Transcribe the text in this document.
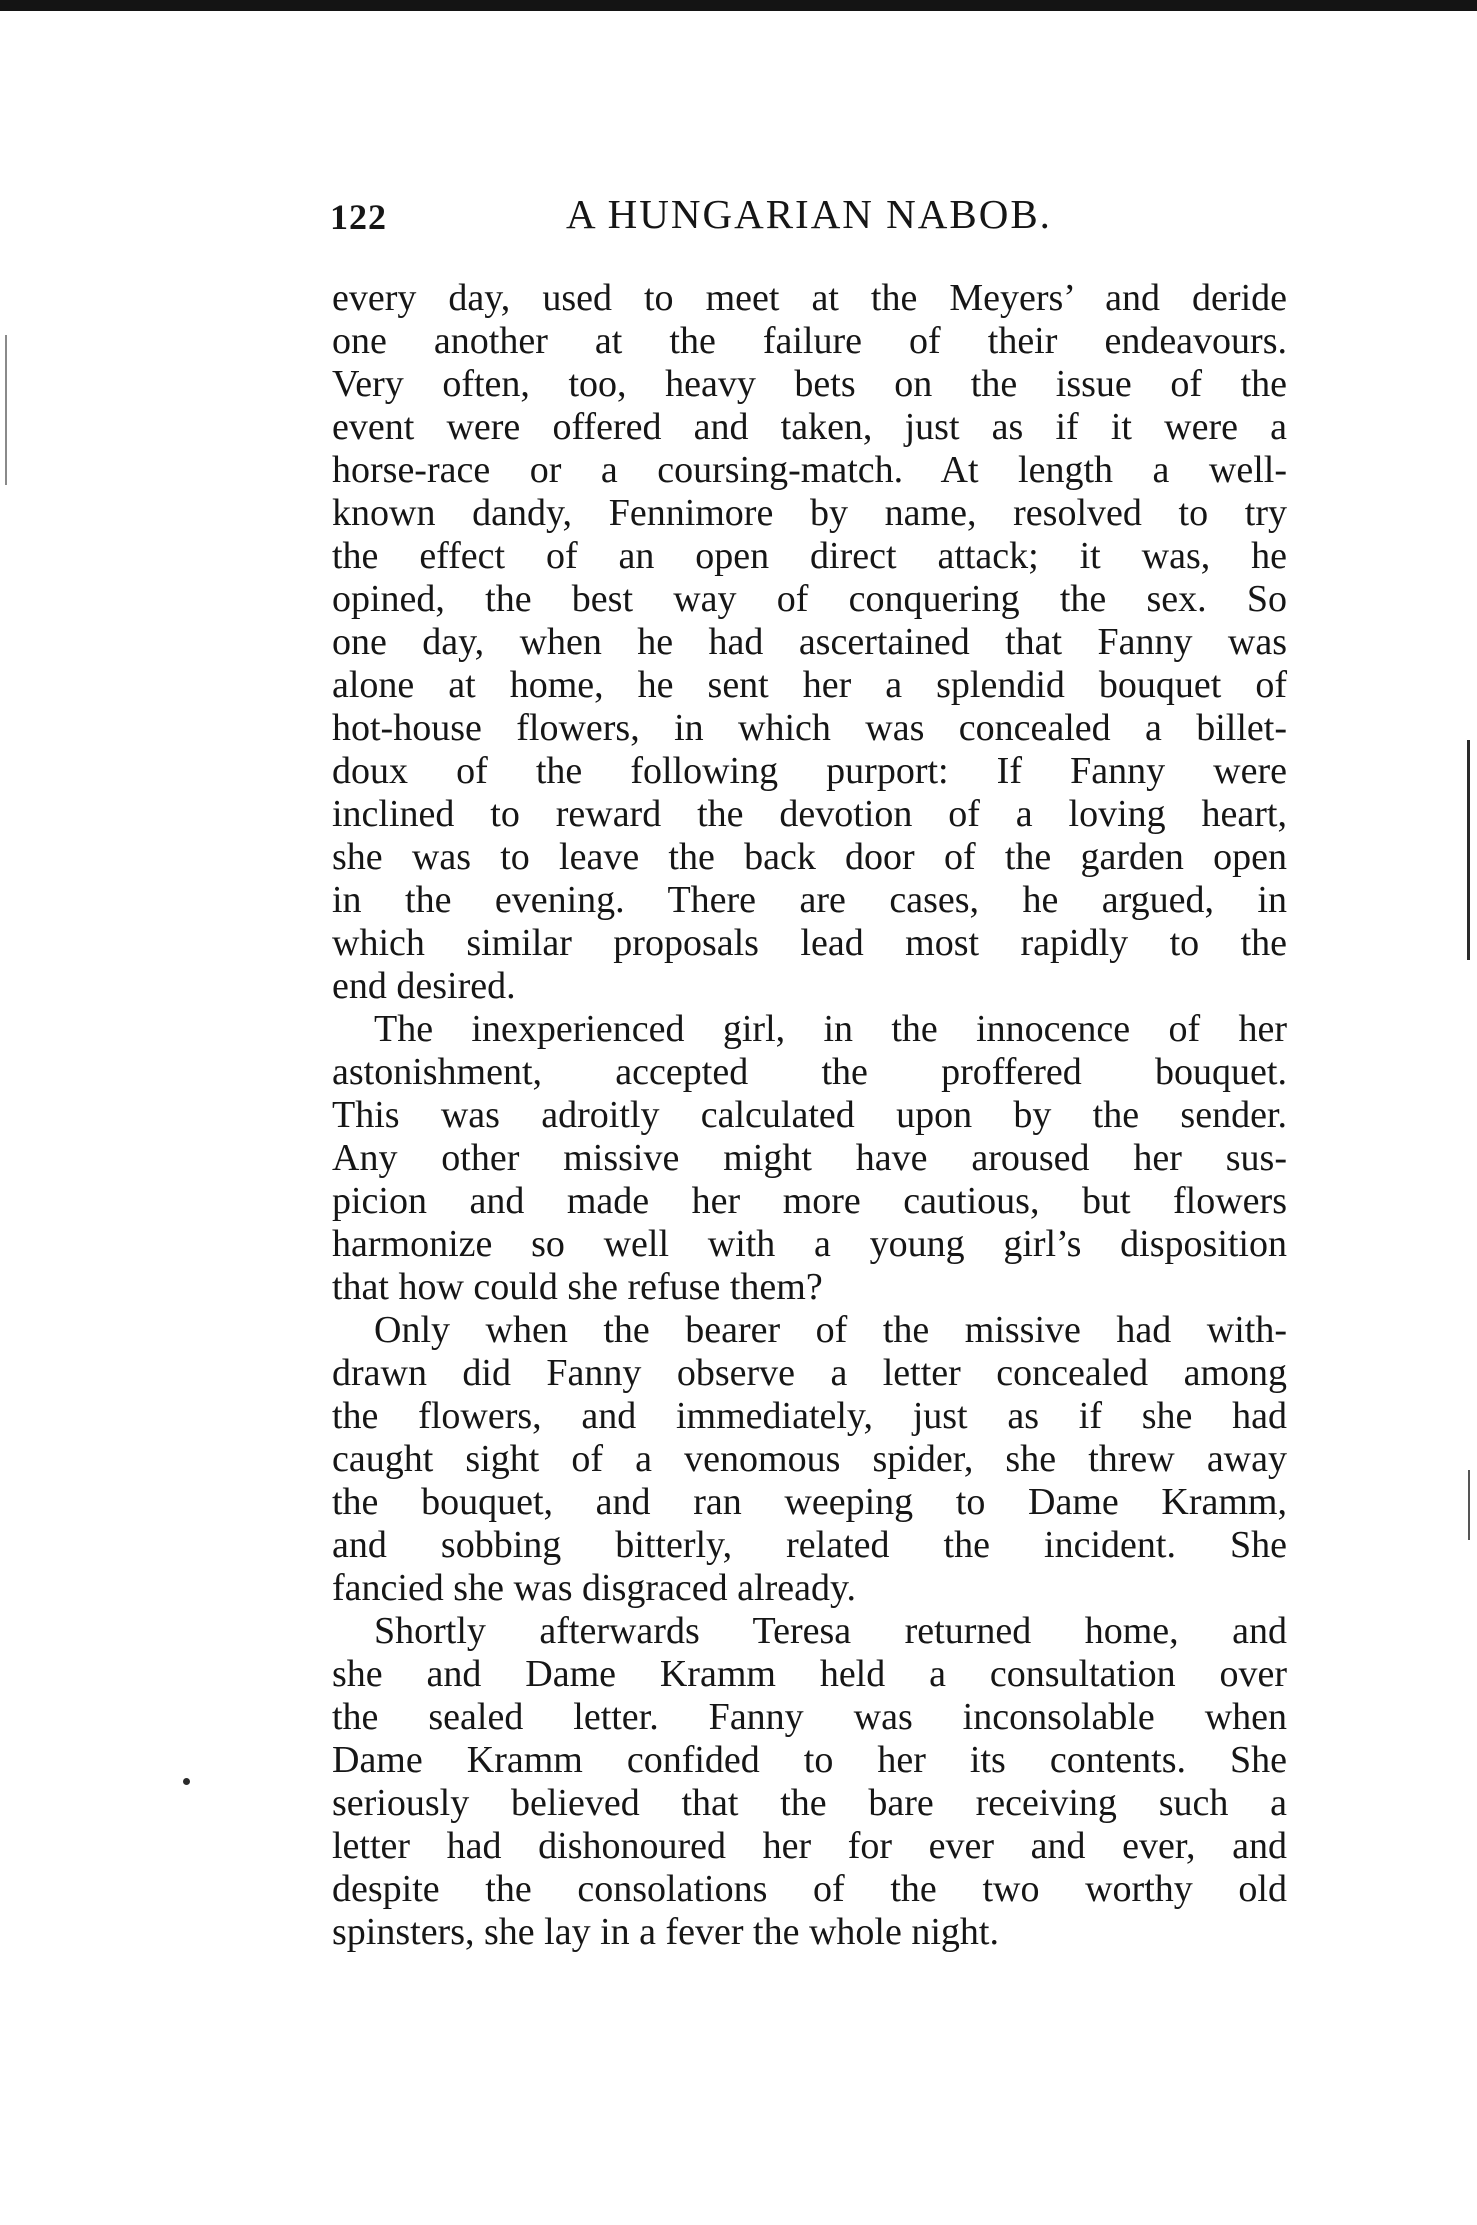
122	A HUNGARIAN NABOB.
every day, used to meet at the Meyers’ and deride
one another at the failure of their endeavours.
Very often, too, heavy bets on the issue of the
event were offered and taken, just as if it were a
horse-race or a coursing-match. At length a well-
known dandy, Fennimore by name, resolved to try
the effect of an open direct attack; it was, he
opined, the best way of conquering the sex. So
one day, when he had ascertained that Fanny was
alone at home, he sent her a splendid bouquet of
hot-house flowers, in which was concealed a billet-
doux of the following purport: If Fanny were
inclined to reward the devotion of a loving heart,
she was to leave the back door of the garden open
in the evening. There are cases, he argued, in
which similar proposals lead most rapidly to the
end desired.
The inexperienced girl, in the innocence of her
astonishment, accepted the proffered bouquet.
This was adroitly calculated upon by the sender.
Any other missive might have aroused her sus-
picion and made her more cautious, but flowers
harmonize so well with a young girl’s disposition
that how could she refuse them?
Only when the bearer of the missive had with-
drawn did Fanny observe a letter concealed among
the flowers, and immediately, just as if she had
caught sight of a venomous spider, she threw away
the bouquet, and ran weeping to Dame Kramm,
and sobbing bitterly, related the incident. She
fancied she was disgraced already.
Shortly afterwards Teresa returned home, and
she and Dame Kramm held a consultation over
the sealed letter. Fanny was inconsolable when
Dame Kramm confided to her its contents. She
seriously believed that the bare receiving such a
letter had dishonoured her for ever and ever, and
despite the consolations of the two worthy old
spinsters, she lay in a fever the whole night.
